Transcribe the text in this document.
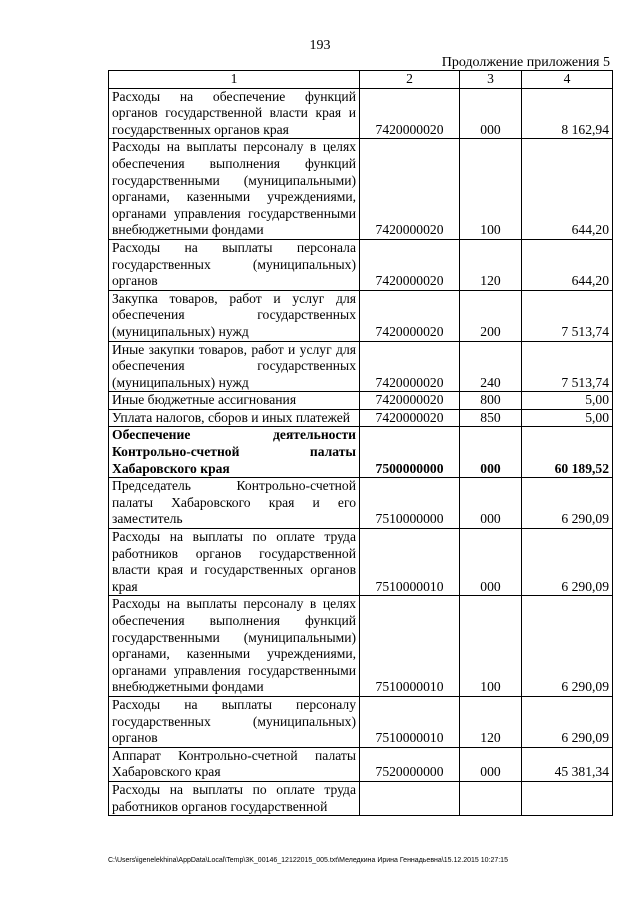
193
Продолжение приложения 5
1	2	3	4
Расходы на обеспечение функций органов государственной власти края и государственных органов края	7420000020	000	8 162,94
Расходы на выплаты персоналу в целях обеспечения выполнения функций государственными (муниципальными) органами, казенными учреждениями, органами управления государственными внебюджетными фондами	7420000020	100	644,20
Расходы на выплаты персонала государственных (муниципальных) органов	7420000020	120	644,20
Закупка товаров, работ и услуг для обеспечения государственных (муниципальных) нужд	7420000020	200	7 513,74
Иные закупки товаров, работ и услуг для обеспечения государственных (муниципальных) нужд	7420000020	240	7 513,74
Иные бюджетные ассигнования	7420000020	800	5,00
Уплата налогов, сборов и иных платежей	7420000020	850	5,00
Обеспечение деятельности Контрольно-счетной палаты Хабаровского края	7500000000	000	60 189,52
Председатель Контрольно-счетной палаты Хабаровского края и его заместитель	7510000000	000	6 290,09
Расходы на выплаты по оплате труда работников органов государственной власти края и государственных органов края	7510000010	000	6 290,09
Расходы на выплаты персоналу в целях обеспечения выполнения функций государственными (муниципальными) органами, казенными учреждениями, органами управления государственными внебюджетными фондами	7510000010	100	6 290,09
Расходы на выплаты персоналу государственных (муниципальных) органов	7510000010	120	6 290,09
Аппарат Контрольно-счетной палаты Хабаровского края	7520000000	000	45 381,34
Расходы на выплаты по оплате труда работников органов государственной			
C:\Users\igenelekhina\AppData\Local\Temp\3K_00146_12122015_005.txt\Меледкина Ирина Геннадьевна\15.12.2015 10:27:15
